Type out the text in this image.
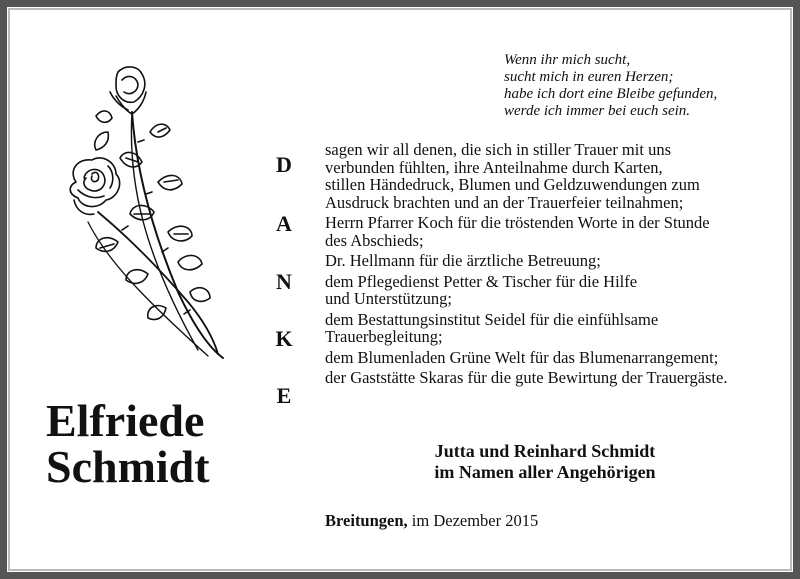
Wenn ihr mich sucht,
sucht mich in euren Herzen;
habe ich dort eine Bleibe gefunden,
werde ich immer bei euch sein.
Elfriede
Schmidt
D
A
N
K
E
sagen wir all denen, die sich in stiller Trauer mit uns
verbunden fühlten, ihre Anteilnahme durch Karten,
stillen Händedruck, Blumen und Geldzuwendungen zum
Ausdruck brachten und an der Trauerfeier teilnahmen;
Herrn Pfarrer Koch für die tröstenden Worte in der Stunde
des Abschieds;
Dr. Hellmann für die ärztliche Betreuung;
dem Pflegedienst Petter & Tischer für die Hilfe
und Unterstützung;
dem Bestattungsinstitut Seidel für die einfühlsame
Trauerbegleitung;
dem Blumenladen Grüne Welt für das Blumenarrangement;
der Gaststätte Skaras für die gute Bewirtung der Trauergäste.
Jutta und Reinhard Schmidt
im Namen aller Angehörigen
Breitungen, im Dezember 2015
